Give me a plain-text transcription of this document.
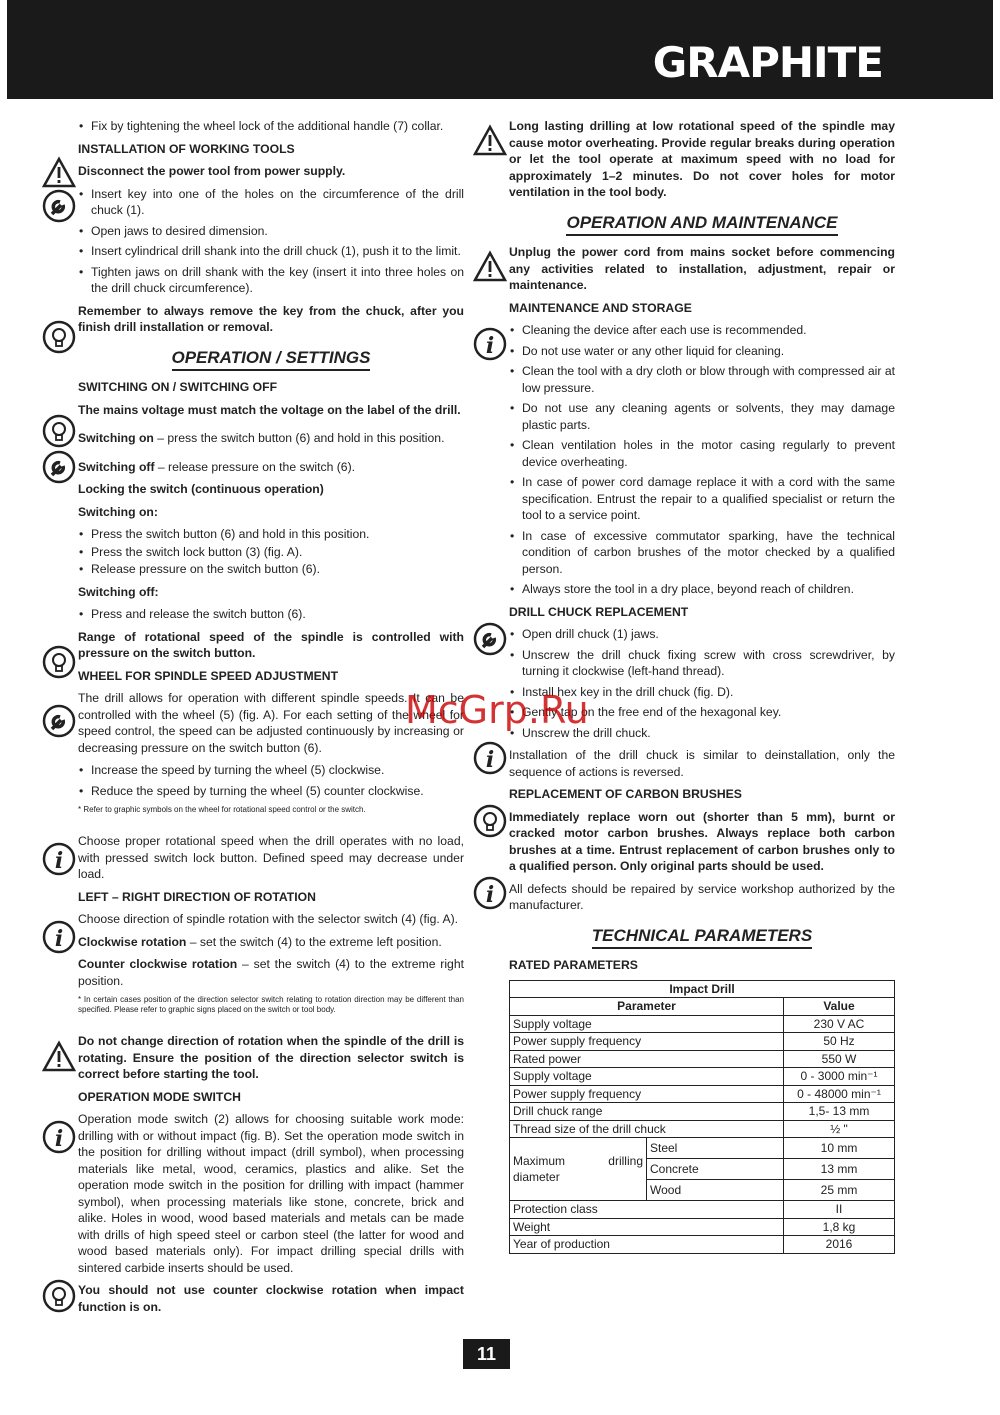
GRAPHITE
i
i
i
i
i
i
• Fix by tightening the wheel lock of the additional handle (7) collar.
INSTALLATION OF WORKING TOOLS

Disconnect the power tool from power supply.

• Insert key into one of the holes on the circumference of the drill chuck (1).
• Open jaws to desired dimension.
• Insert cylindrical drill shank into the drill chuck (1), push it to the limit.
• Tighten jaws on drill shank with the key (insert it into three holes on the drill chuck circumference).

Remember to always remove the key from the chuck, after you finish drill installation or removal.

OPERATION / SETTINGS
SWITCHING ON / SWITCHING OFF

The mains voltage must match the voltage on the label of the drill.

Switching on – press the switch button (6) and hold in this position.

Switching off – release pressure on the switch (6).

Locking the switch (continuous operation)
Switching on:
• Press the switch button (6) and hold in this position.
• Press the switch lock button (3) (fig. A).
• Release pressure on the switch button (6).
Switching off:
• Press and release the switch button (6).

Range of rotational speed of the spindle is controlled with pressure on the switch button.

WHEEL FOR SPINDLE SPEED ADJUSTMENT

The drill allows for operation with different spindle speeds. It can be controlled with the wheel (5) (fig. A). For each setting of the wheel for speed control, the speed can be adjusted continuously by increasing or decreasing pressure on the switch button (6).

• Increase the speed by turning the wheel (5) clockwise.
• Reduce the speed by turning the wheel (5) counter clockwise.

* Refer to graphic symbols on the wheel for rotational speed control or the switch.

Choose proper rotational speed when the drill operates with no load, with pressed switch lock button. Defined speed may decrease under load.

LEFT – RIGHT DIRECTION OF ROTATION

Choose direction of spindle rotation with the selector switch (4) (fig. A).

Clockwise rotation – set the switch (4) to the extreme left position.

Counter clockwise rotation – set the switch (4) to the extreme right position.

* In certain cases position of the direction selector switch relating to rotation direction may be different than specified. Please refer to graphic signs placed on the switch or tool body.

Do not change direction of rotation when the spindle of the drill is rotating. Ensure the position of the direction selector switch is correct before starting the tool.

OPERATION MODE SWITCH

Operation mode switch (2) allows for choosing suitable work mode: drilling with or without impact (fig. B). Set the operation mode switch in the position for drilling without impact (drill symbol), when processing materials like metal, wood, ceramics, plastics and alike. Set the operation mode switch in the position for drilling with impact (hammer symbol), when processing materials like stone, concrete, brick and alike. Holes in wood, wood based materials and metals can be made with drills of high speed steel or carbon steel (the latter for wood and wood based materials only). For impact drilling special drills with sintered carbide inserts should be used.

You should not use counter clockwise rotation when impact function is on.

Long lasting drilling at low rotational speed of the spindle may cause motor overheating. Provide regular breaks during operation or let the tool operate at maximum speed with no load for approximately 1–2 minutes. Do not cover holes for motor ventilation in the tool body.

OPERATION AND MAINTENANCE

Unplug the power cord from mains socket before commencing any activities related to installation, adjustment, repair or maintenance.

MAINTENANCE AND STORAGE
• Cleaning the device after each use is recommended.
• Do not use water or any other liquid for cleaning.
• Clean the tool with a dry cloth or blow through with compressed air at low pressure.
• Do not use any cleaning agents or solvents, they may damage plastic parts.
• Clean ventilation holes in the motor casing regularly to prevent device overheating.
• In case of power cord damage replace it with a cord with the same specification. Entrust the repair to a qualified specialist or return the tool to a service point.
• In case of excessive commutator sparking, have the technical condition of carbon brushes of the motor checked by a qualified person.
• Always store the tool in a dry place, beyond reach of children.
DRILL CHUCK REPLACEMENT
• Open drill chuck (1) jaws.
• Unscrew the drill chuck fixing screw with cross screwdriver, by turning it clockwise (left-hand thread).
• Install hex key in the drill chuck (fig. D).
• Gently tap on the free end of the hexagonal key.
• Unscrew the drill chuck.

Installation of the drill chuck is similar to deinstallation, only the sequence of actions is reversed.

REPLACEMENT OF CARBON BRUSHES

Immediately replace worn out (shorter than 5 mm), burnt or cracked motor carbon brushes. Always replace both carbon brushes at a time. Entrust replacement of carbon brushes only to a qualified person. Only original parts should be used.

All defects should be repaired by service workshop authorized by the manufacturer.

TECHNICAL PARAMETERS
RATED PARAMETERS
Impact Drill		
Parameter		Value
Supply voltage		230 V AC
Power supply frequency		50 Hz
Rated power		550 W
Supply voltage		0 - 3000 min⁻¹
Power supply frequency		0 - 48000 min⁻¹
Drill chuck range		1,5- 13 mm
Thread size of the drill chuck		½ "
Maximum drilling diameter	Steel	10 mm
	Concrete	13 mm
	Wood	25 mm
Protection class		II
Weight		1,8 kg
Year of production		2016
McGrp.Ru
11
